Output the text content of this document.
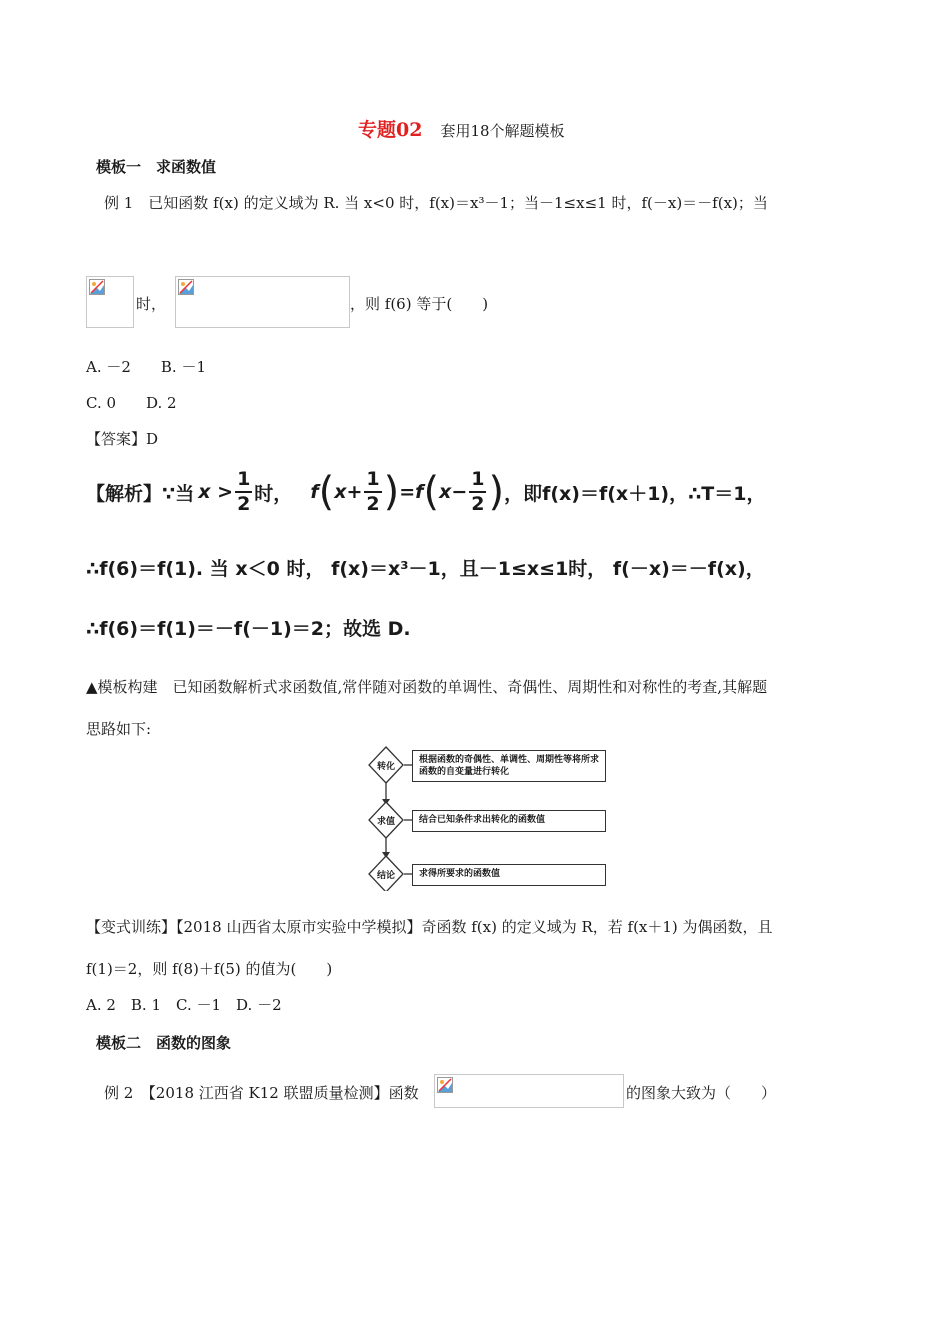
专题02 套用18个解题模板
模板一　求函数值
例 1　已知函数 f(x) 的定义域为 R. 当 x<0 时，f(x)＝x³－1；当－1≤x≤1 时，f(－x)＝－f(x)；当
时，	，则 f(6) 等于(　　)
A. －2　　B. －1
C. 0　　D. 2
【答案】D
【解析】 ∵当 $x > \frac{1}{2}$ 时， f ( $x + \frac{1}{2}$ ) = f ( $x - \frac{1}{2}$ ) ，即 f(x)＝f(x＋1)，∴T＝1，
∴f(6)＝f(1). 当 x＜0 时， f(x)＝x³－1，且－1≤x≤1时， f(－x)＝－f(x)，
∴f(6)＝f(1)＝－f(－1)＝2；故选 D.
▲模板构建　已知函数解析式求函数值,常伴随对函数的单调性、奇偶性、周期性和对称性的考查,其解题
思路如下:
转化
求值
结论
根据函数的奇偶性、单调性、周期性等将所求
函数的自变量进行转化
结合已知条件求出转化的函数值
求得所要求的函数值
【变式训练】【2018 山西省太原市实验中学模拟】奇函数 f(x) 的定义域为 R，若 f(x＋1) 为偶函数，且
f(1)＝2，则 f(8)＋f(5) 的值为(　　)
A. 2　B. 1　C. －1　D. －2
模板二　函数的图象
例 2　【2018 江西省 K12 联盟质量检测】函数	的图象大致为（　　）
